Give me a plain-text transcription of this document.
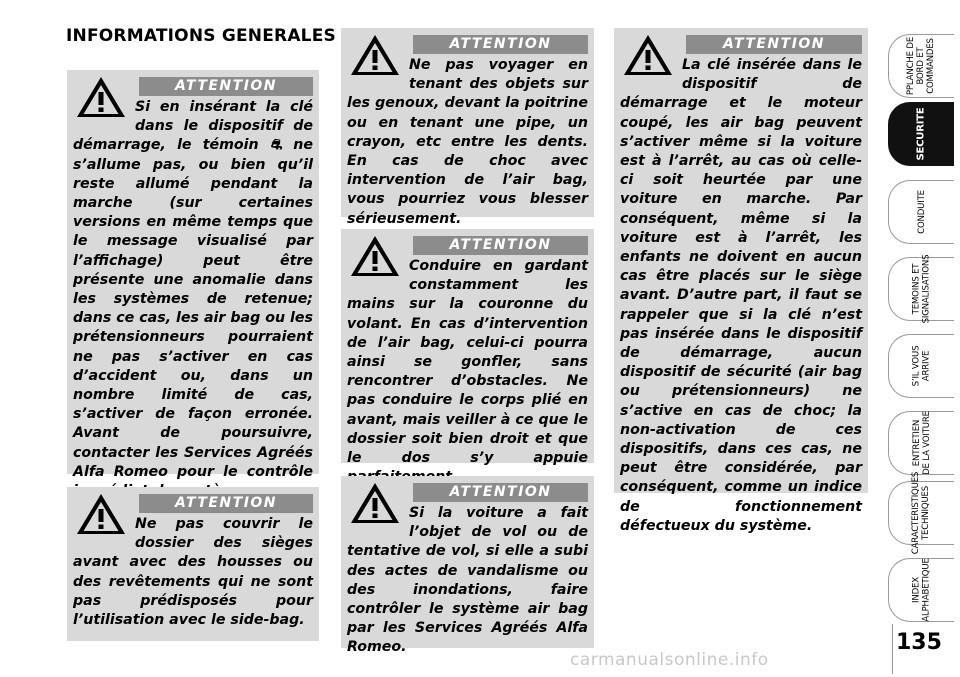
INFORMATIONS GENERALES
ATTENTION

Si en insérant la clé dans le dispositif de démarrage, le témoin ⛐ ne s’allume pas, ou bien qu’il reste allumé pendant la marche (sur certaines versions en même temps que le message visualisé par l’affichage) peut être présente une anomalie dans les systèmes de retenue; dans ce cas, les air bag ou les prétensionneurs pourraient ne pas s’activer en cas d’accident ou, dans un nombre limité de cas, s’activer de façon erronée. Avant de poursuivre, contacter les Services Agréés Alfa Romeo pour le contrôle

ATTENTION

Ne pas couvrir le dossier des sièges avant avec des housses ou des revêtements qui ne sont pas prédisposés pour l’utilisation avec le side-bag.

ATTENTION

Ne pas voyager en tenant des objets sur les genoux, devant la poitrine ou en tenant une pipe, un crayon, etc entre les dents. En cas de choc avec intervention de l’air bag, vous pourriez vous blesser sérieusement.

ATTENTION

Conduire en gardant constamment les mains sur la couronne du volant. En cas d’intervention de l’air bag, celui-ci pourra ainsi se gonfler, sans rencontrer d’obstacles. Ne pas conduire le corps plié en avant, mais veiller à ce que le dossier soit bien droit et que le dos s’y appuie

ATTENTION

Si la voiture a fait l’objet de vol ou de tentative de vol, si elle a subi des actes de vandalisme ou des inondations, faire contrôler le système air bag par les Services Agréés Alfa Romeo.

ATTENTION

La clé insérée dans le dispositif de démarrage et le moteur coupé, les air bag peuvent s’activer même si la voiture est à l’arrêt, au cas où celle-ci soit heurtée par une voiture en marche. Par conséquent, même si la voiture est à l’arrêt, les enfants ne doivent en aucun cas être placés sur le siège avant. D’autre part, il faut se rappeler que si la clé n’est pas insérée dans le dispositif de démarrage, aucun dispositif de sécurité (air bag ou prétensionneurs) ne s’active en cas de choc; la non-activation de ces dispositifs, dans ces cas, ne peut être considérée, par conséquent, comme un indice de fonctionnement défectueux du système.

PPLANCHE DE
BORD ET
COMMANDES
SECURITE
CONDUITE
TEMOINS ET
SIGNALISATIONS
S’IL VOUS
ARRIVE
ENTRETIEN
DE LA VOITURE
CARACTERISTIQUES
TECHNIQUES
INDEX
ALPHABETIQUE
135
carmanualsonline.info
